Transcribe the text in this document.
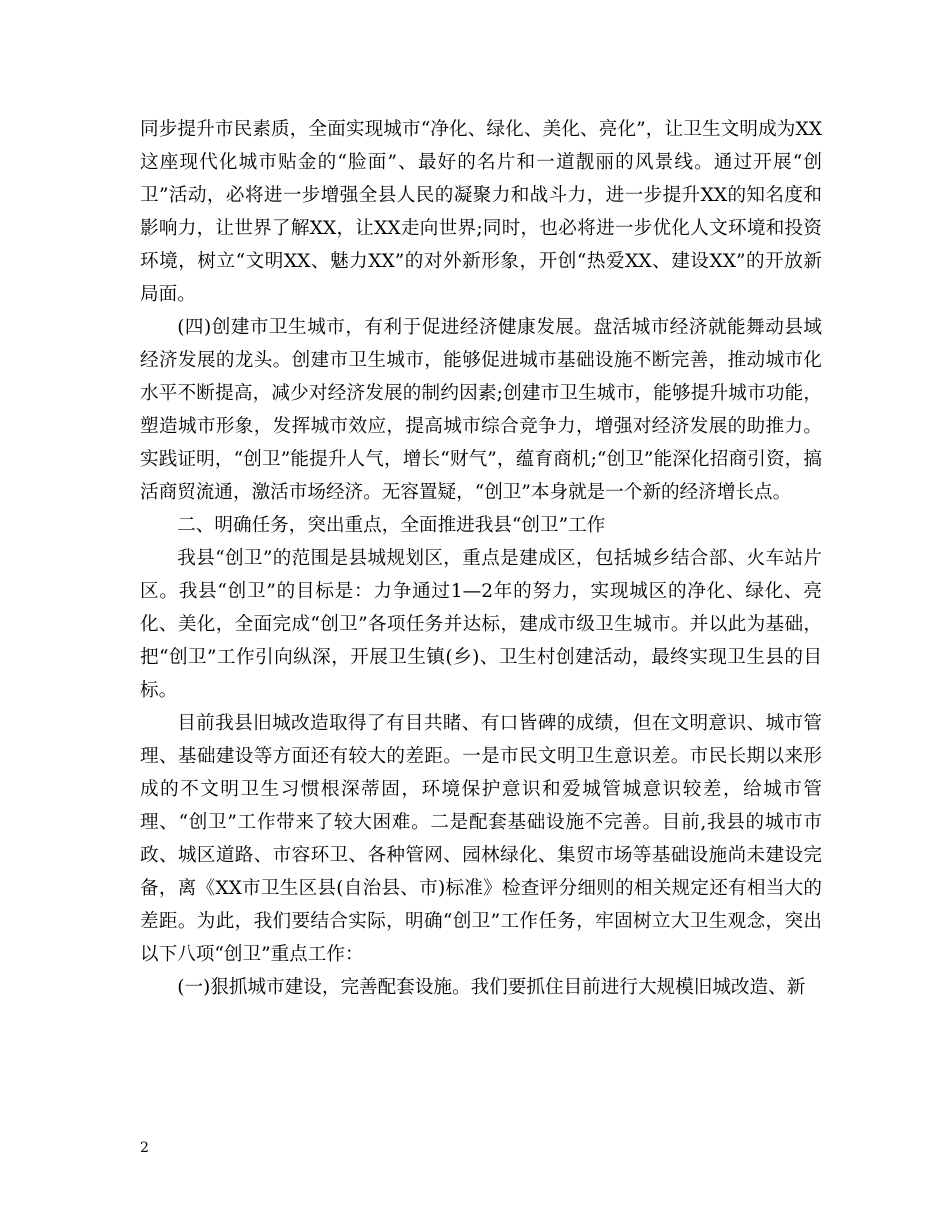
同步提升市民素质，全面实现城市“净化、绿化、美化、亮化”，让卫生文明成为XX这座现代化城市贴金的“脸面”、最好的名片和一道靓丽的风景线。通过开展“创卫”活动，必将进一步增强全县人民的凝聚力和战斗力，进一步提升XX的知名度和影响力，让世界了解XX，让XX走向世界;同时，也必将进一步优化人文环境和投资环境，树立“文明XX、魅力XX”的对外新形象，开创“热爱XX、建设XX”的开放新局面。

(四)创建市卫生城市，有利于促进经济健康发展。盘活城市经济就能舞动县域经济发展的龙头。创建市卫生城市，能够促进城市基础设施不断完善，推动城市化水平不断提高，减少对经济发展的制约因素;创建市卫生城市，能够提升城市功能，塑造城市形象，发挥城市效应，提高城市综合竞争力，增强对经济发展的助推力。实践证明，“创卫”能提升人气，增长“财气”，蕴育商机;“创卫”能深化招商引资，搞活商贸流通，激活市场经济。无容置疑，“创卫”本身就是一个新的经济增长点。

二、明确任务，突出重点，全面推进我县“创卫”工作

我县“创卫”的范围是县城规划区，重点是建成区，包括城乡结合部、火车站片区。我县“创卫”的目标是：力争通过1—2年的努力，实现城区的净化、绿化、亮化、美化，全面完成“创卫”各项任务并达标，建成市级卫生城市。并以此为基础，把“创卫”工作引向纵深，开展卫生镇(乡)、卫生村创建活动，最终实现卫生县的目标。

目前我县旧城改造取得了有目共睹、有口皆碑的成绩，但在文明意识、城市管理、基础建设等方面还有较大的差距。一是市民文明卫生意识差。市民长期以来形成的不文明卫生习惯根深蒂固，环境保护意识和爱城管城意识较差，给城市管理、“创卫”工作带来了较大困难。二是配套基础设施不完善。目前,我县的城市市政、城区道路、市容环卫、各种管网、园林绿化、集贸市场等基础设施尚未建设完备，离《XX市卫生区县(自治县、市)标准》检查评分细则的相关规定还有相当大的差距。为此，我们要结合实际，明确“创卫”工作任务，牢固树立大卫生观念，突出以下八项“创卫”重点工作：

(一)狠抓城市建设，完善配套设施。我们要抓住目前进行大规模旧城改造、新

2
